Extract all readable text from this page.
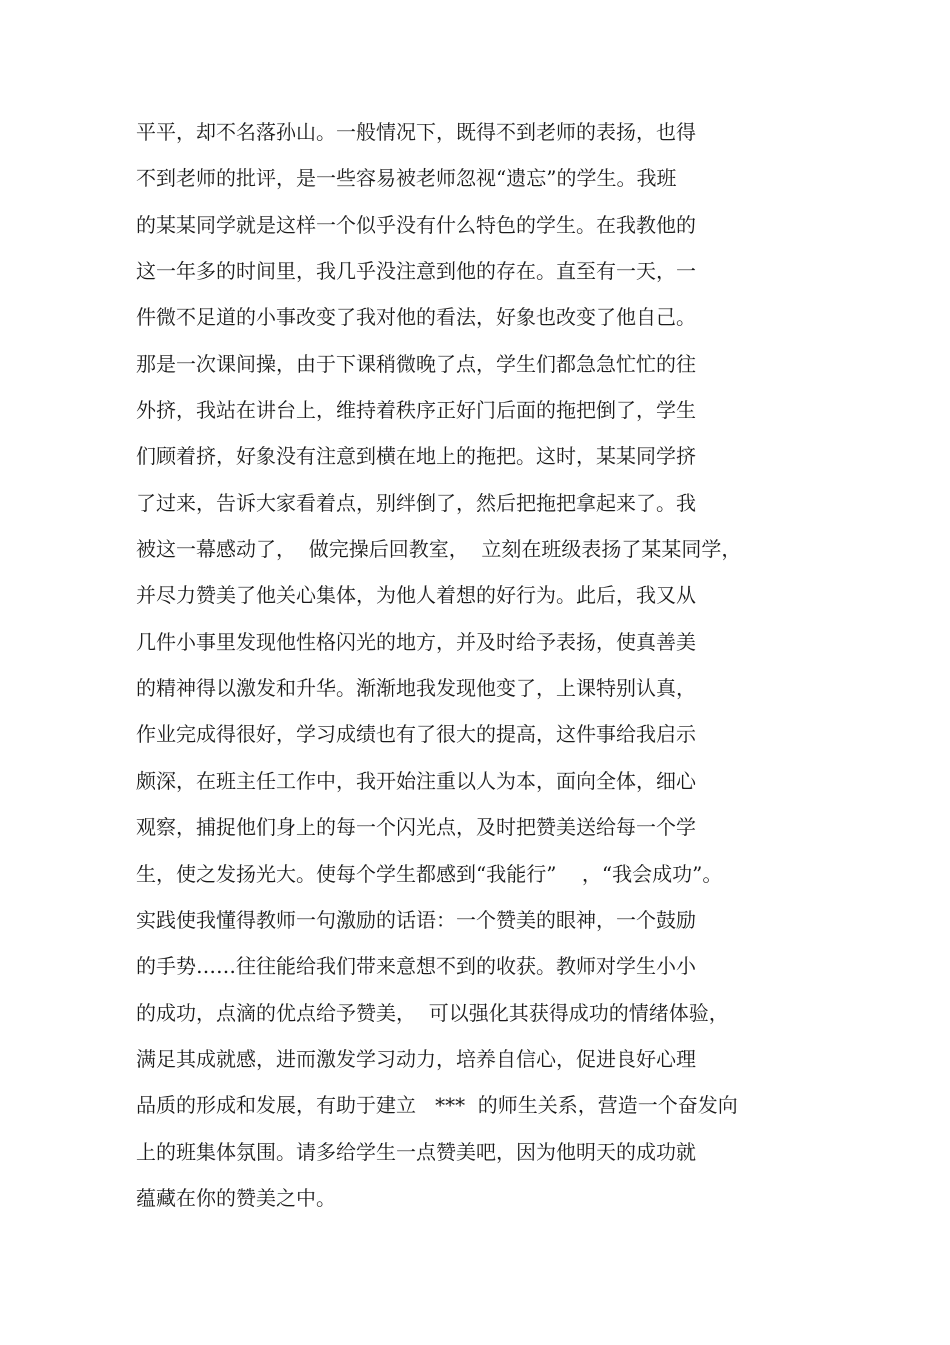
平平，却不名落孙山。一般情况下，既得不到老师的表扬，也得
不到老师的批评，是一些容易被老师忽视“遗忘”的学生。我班
的某某同学就是这样一个似乎没有什么特色的学生。在我教他的
这一年多的时间里，我几乎没注意到他的存在。直至有一天，一
件微不足道的小事改变了我对他的看法，好象也改变了他自己。
那是一次课间操，由于下课稍微晚了点，学生们都急急忙忙的往
外挤，我站在讲台上，维持着秩序正好门后面的拖把倒了，学生
们顾着挤，好象没有注意到横在地上的拖把。这时，某某同学挤
了过来，告诉大家看着点，别绊倒了，然后把拖把拿起来了。我
被这一幕感动了，  做完操后回教室，  立刻在班级表扬了某某同学，
并尽力赞美了他关心集体，为他人着想的好行为。此后，我又从
几件小事里发现他性格闪光的地方，并及时给予表扬，使真善美
的精神得以激发和升华。渐渐地我发现他变了，上课特别认真，
作业完成得很好，学习成绩也有了很大的提高，这件事给我启示
颇深，在班主任工作中，我开始注重以人为本，面向全体，细心
观察，捕捉他们身上的每一个闪光点，及时把赞美送给每一个学
生，使之发扬光大。使每个学生都感到“我能行”    ，“我会成功”。
实践使我懂得教师一句激励的话语：一个赞美的眼神，一个鼓励
的手势……往往能给我们带来意想不到的收获。教师对学生小小
的成功，点滴的优点给予赞美，  可以强化其获得成功的情绪体验，
满足其成就感，进而激发学习动力，培养自信心，促进良好心理
品质的形成和发展，有助于建立   ***  的师生关系，营造一个奋发向
上的班集体氛围。请多给学生一点赞美吧，因为他明天的成功就
蕴藏在你的赞美之中。
